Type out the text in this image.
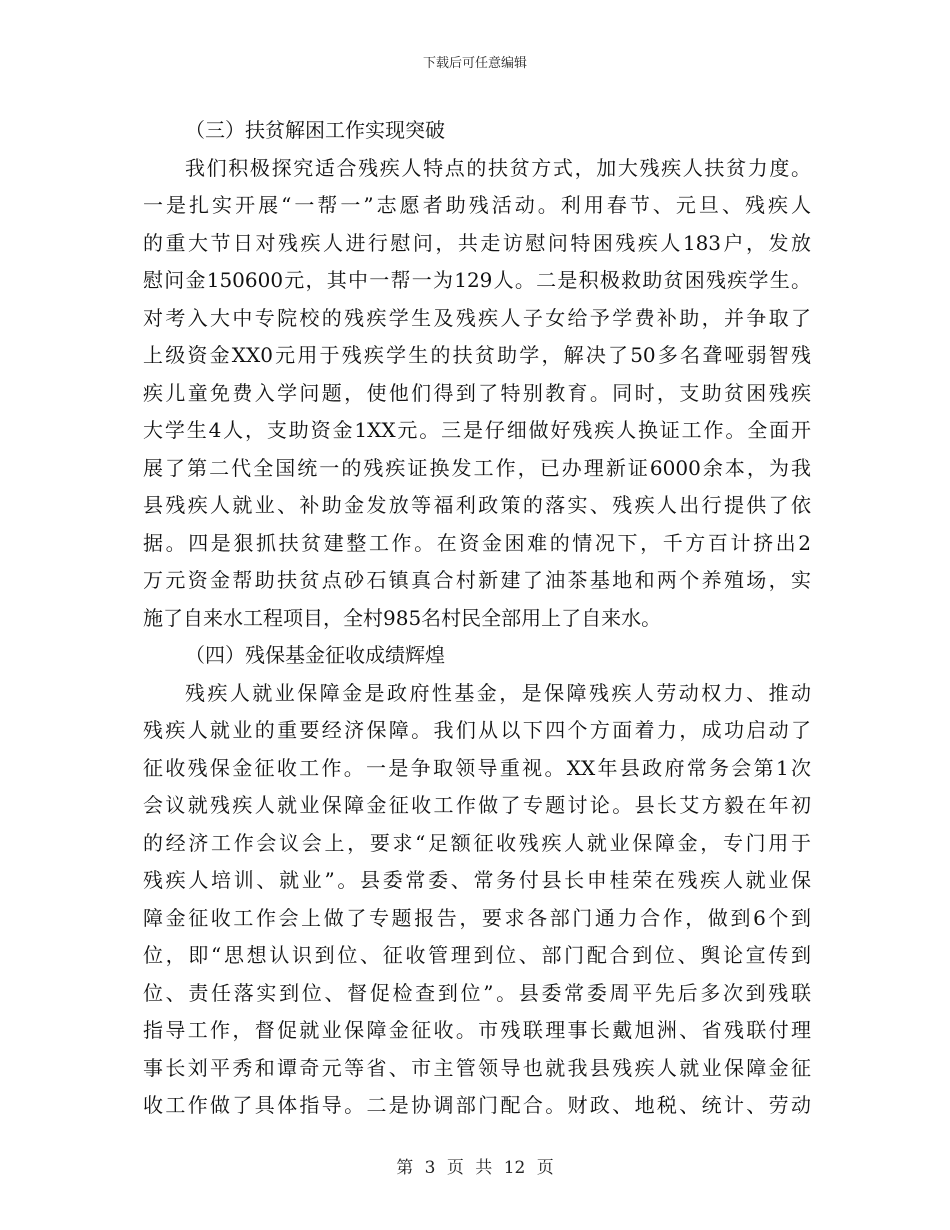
下载后可任意编辑
（三）扶贫解困工作实现突破
我们积极探究适合残疾人特点的扶贫方式，加大残疾人扶贫力度。
一是扎实开展“一帮一”志愿者助残活动。利用春节、元旦、残疾人
的重大节日对残疾人进行慰问，共走访慰问特困残疾人183户，发放
慰问金150600元，其中一帮一为129人。二是积极救助贫困残疾学生。
对考入大中专院校的残疾学生及残疾人子女给予学费补助，并争取了
上级资金XX0元用于残疾学生的扶贫助学，解决了50多名聋哑弱智残
疾儿童免费入学问题，使他们得到了特别教育。同时，支助贫困残疾
大学生4人，支助资金1XX元。三是仔细做好残疾人换证工作。全面开
展了第二代全国统一的残疾证换发工作，已办理新证6000余本，为我
县残疾人就业、补助金发放等福利政策的落实、残疾人出行提供了依
据。四是狠抓扶贫建整工作。在资金困难的情况下，千方百计挤出2
万元资金帮助扶贫点砂石镇真合村新建了油茶基地和两个养殖场，实
施了自来水工程项目，全村985名村民全部用上了自来水。
（四）残保基金征收成绩辉煌
残疾人就业保障金是政府性基金，是保障残疾人劳动权力、推动
残疾人就业的重要经济保障。我们从以下四个方面着力，成功启动了
征收残保金征收工作。一是争取领导重视。XX年县政府常务会第1次
会议就残疾人就业保障金征收工作做了专题讨论。县长艾方毅在年初
的经济工作会议会上，要求“足额征收残疾人就业保障金，专门用于
残疾人培训、就业”。县委常委、常务付县长申桂荣在残疾人就业保
障金征收工作会上做了专题报告，要求各部门通力合作，做到6个到
位，即“思想认识到位、征收管理到位、部门配合到位、舆论宣传到
位、责任落实到位、督促检查到位”。县委常委周平先后多次到残联
指导工作，督促就业保障金征收。市残联理事长戴旭洲、省残联付理
事长刘平秀和谭奇元等省、市主管领导也就我县残疾人就业保障金征
收工作做了具体指导。二是协调部门配合。财政、地税、统计、劳动
第 3 页 共 12 页
